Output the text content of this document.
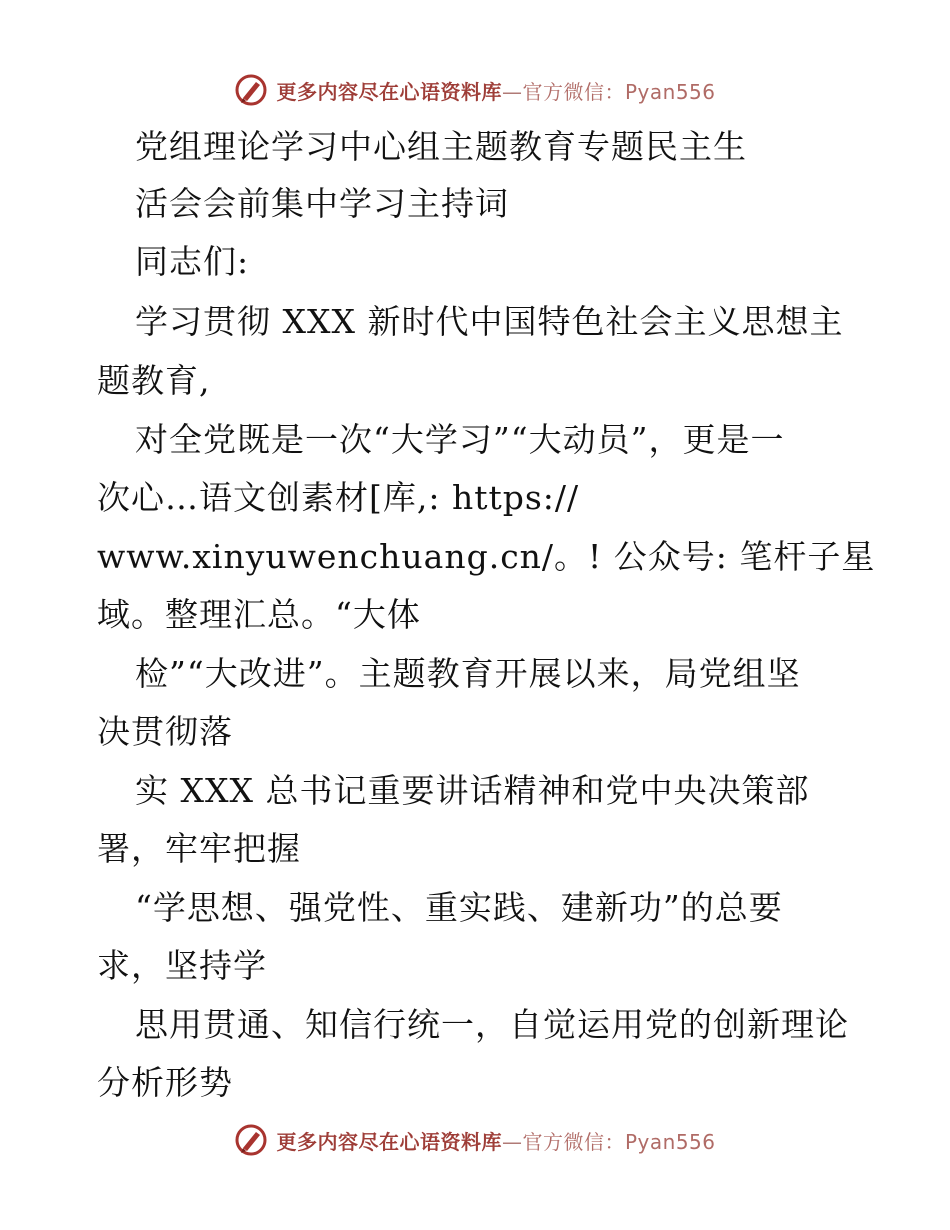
更多内容尽在心语资料库—官方微信：Pyan556
党组理论学习中心组主题教育专题民主生
活会会前集中学习主持词
同志们:
学习贯彻 XXX 新时代中国特色社会主义思想主
题教育,
对全党既是一次“大学习”“大动员”，更是一
次心…语文创素材[库,: https://
www.xinyuwenchuang.cn/。! 公众号: 笔杆子星
域。整理汇总。“大体
检”“大改进”。主题教育开展以来，局党组坚
决贯彻落
实 XXX 总书记重要讲话精神和党中央决策部
署，牢牢把握
“学思想、强党性、重实践、建新功”的总要
求，坚持学
思用贯通、知信行统一，自觉运用党的创新理论
分析形势
更多内容尽在心语资料库—官方微信：Pyan556
